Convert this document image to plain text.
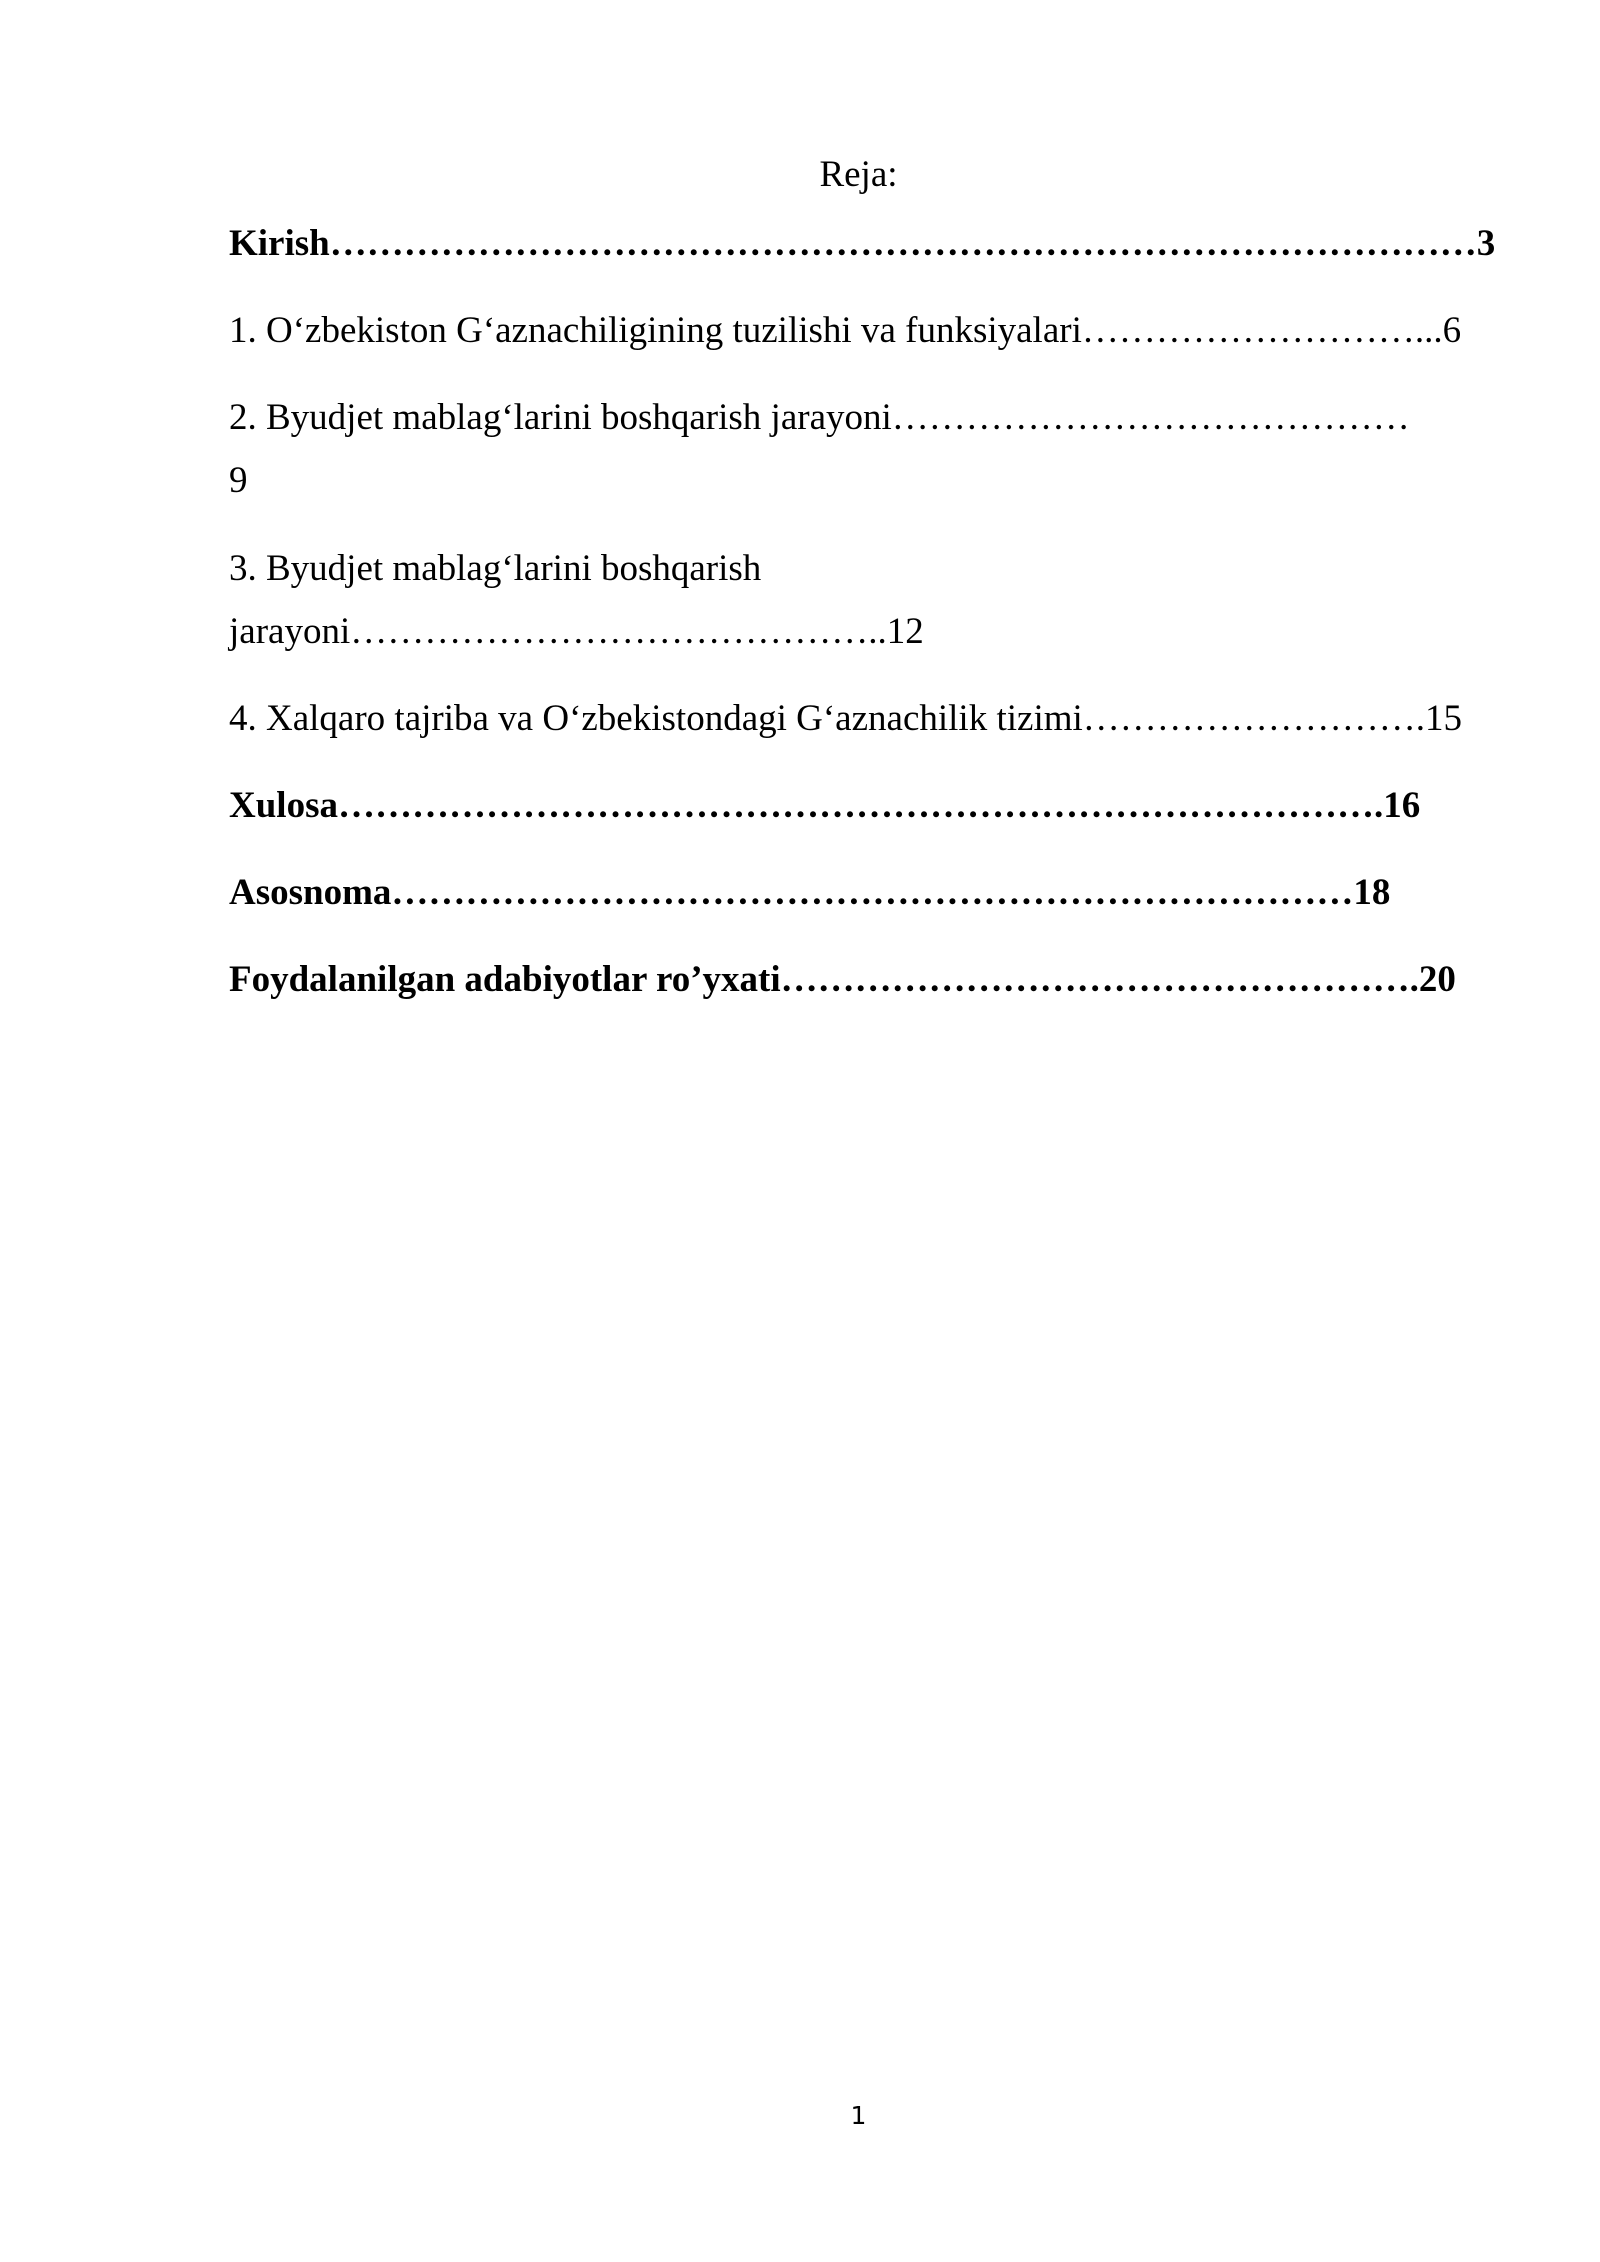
Reja:

Kirish…………………………………………………………………………………3

1. O‘zbekiston G‘aznachiligining tuzilishi va funksiyalari………………………...6

2. Byudjet mablag‘larini boshqarish jarayoni……………………………………

9

3. Byudjet mablag‘larini boshqarish

jarayoni……………………………………..12

4. Xalqaro tajriba va O‘zbekistondagi G‘aznachilik tizimi……………………….15

Xulosa………………………………………………………………………….16

Asosnoma……………………………………………………………………18

Foydalanilgan adabiyotlar ro’yxati…………………………………………….20

1
